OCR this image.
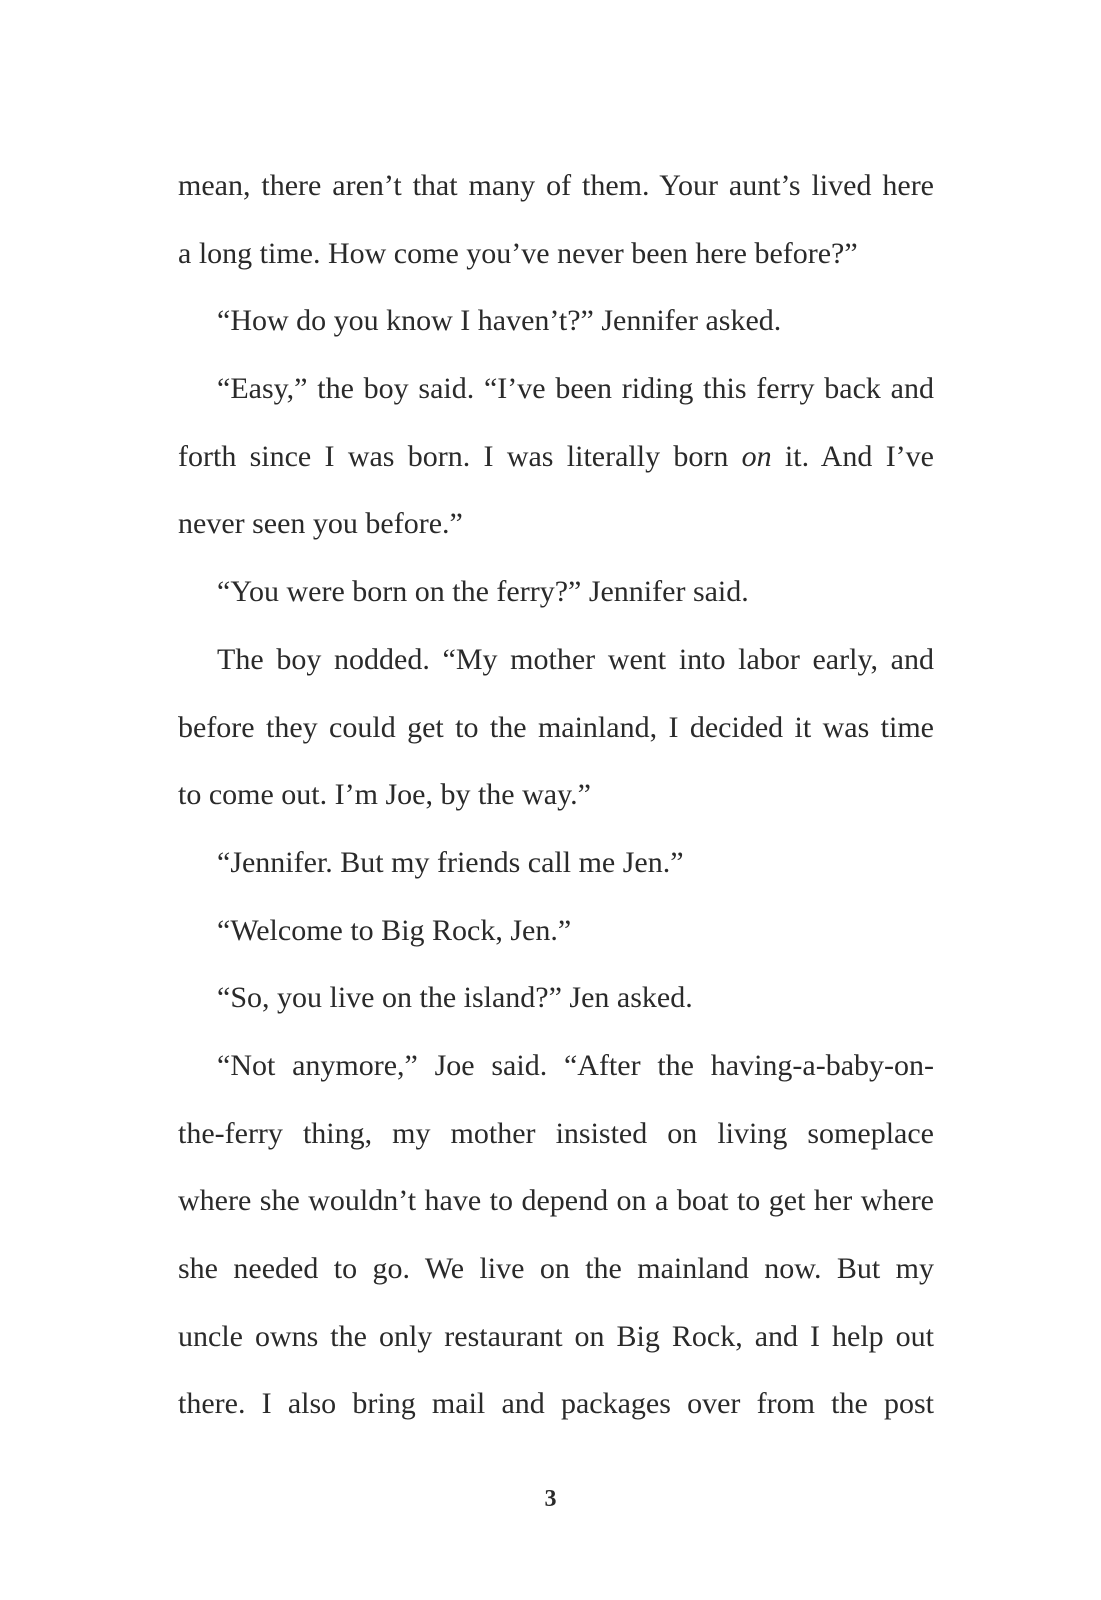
mean, there aren’t that many of them. Your aunt’s lived here
a long time. How come you’ve never been here before?”
“How do you know I haven’t?” Jennifer asked.
“Easy,” the boy said. “I’ve been riding this ferry back and
forth since I was born. I was literally born on it. And I’ve
never seen you before.”
“You were born on the ferry?” Jennifer said.
The boy nodded. “My mother went into labor early, and
before they could get to the mainland, I decided it was time
to come out. I’m Joe, by the way.”
“Jennifer. But my friends call me Jen.”
“Welcome to Big Rock, Jen.”
“So, you live on the island?” Jen asked.
“Not anymore,” Joe said. “After the having-a-baby-on-
the-ferry thing, my mother insisted on living someplace
where she wouldn’t have to depend on a boat to get her where
she needed to go. We live on the mainland now. But my
uncle owns the only restaurant on Big Rock, and I help out
there. I also bring mail and packages over from the post
3
